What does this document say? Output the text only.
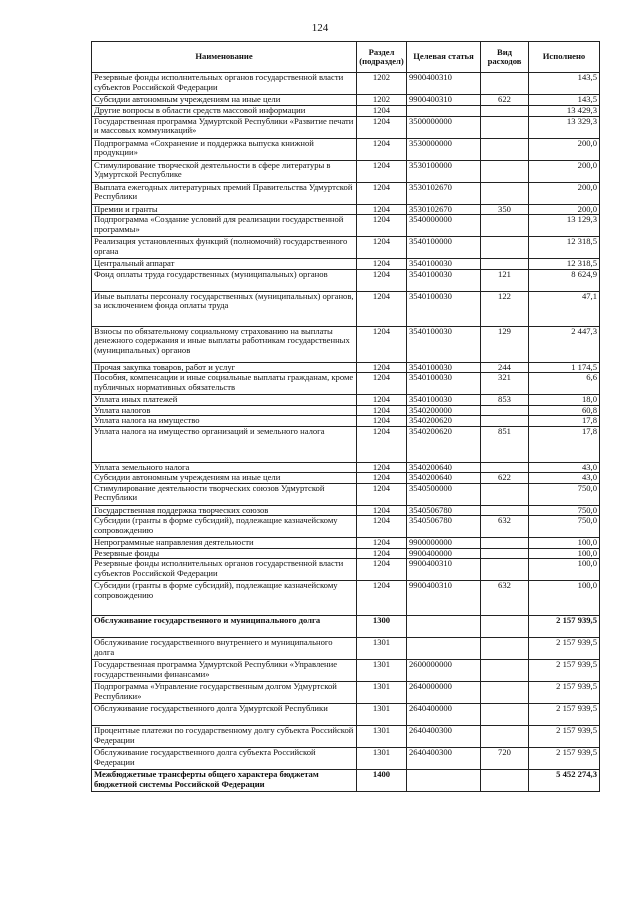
124
Наименование	Раздел (подраздел)	Целевая статья	Вид расходов	Исполнено
Резервные фонды исполнительных органов государственной власти субъектов Российской Федерации	1202	9900400310		143,5
Субсидии автономным учреждениям на иные цели	1202	9900400310	622	143,5
Другие вопросы в области средств массовой информации	1204			13 429,3
Государственная программа Удмуртской Республики «Развитие печати и массовых коммуникаций»	1204	3500000000		13 329,3
Подпрограмма «Сохранение и поддержка выпуска книжной продукции»	1204	3530000000		200,0
Стимулирование творческой деятельности в сфере литературы в Удмуртской Республике	1204	3530100000		200,0
Выплата ежегодных литературных премий Правительства Удмуртской Республики	1204	3530102670		200,0
Премии и гранты	1204	3530102670	350	200,0
Подпрограмма «Создание условий для реализации государственной программы»	1204	3540000000		13 129,3
Реализация установленных функций (полномочий) государственного органа	1204	3540100000		12 318,5
Центральный аппарат	1204	3540100030		12 318,5
Фонд оплаты труда государственных (муниципальных) органов	1204	3540100030	121	8 624,9
Иные выплаты персоналу государственных (муниципальных) органов, за исключением фонда оплаты труда	1204	3540100030	122	47,1
Взносы по обязательному социальному страхованию на выплаты денежного содержания и иные выплаты работникам государственных (муниципальных) органов	1204	3540100030	129	2 447,3
Прочая закупка товаров, работ и услуг	1204	3540100030	244	1 174,5
Пособия, компенсации и иные социальные выплаты гражданам, кроме публичных нормативных обязательств	1204	3540100030	321	6,6
Уплата иных платежей	1204	3540100030	853	18,0
Уплата налогов	1204	3540200000		60,8
Уплата налога на имущество	1204	3540200620		17,8
Уплата налога на имущество организаций и земельного налога	1204	3540200620	851	17,8
Уплата земельного налога	1204	3540200640		43,0
Субсидии автономным учреждениям на иные цели	1204	3540200640	622	43,0
Стимулирование деятельности творческих союзов Удмуртской Республики	1204	3540500000		750,0
Государственная поддержка творческих союзов	1204	3540506780		750,0
Субсидии (гранты в форме субсидий), подлежащие казначейскому сопровождению	1204	3540506780	632	750,0
Непрограммные направления деятельности	1204	9900000000		100,0
Резервные фонды	1204	9900400000		100,0
Резервные фонды исполнительных органов государственной власти субъектов Российской Федерации	1204	9900400310		100,0
Субсидии (гранты в форме субсидий), подлежащие казначейскому сопровождению	1204	9900400310	632	100,0
Обслуживание государственного и муниципального долга	1300			2 157 939,5
Обслуживание государственного внутреннего и муниципального долга	1301			2 157 939,5
Государственная программа Удмуртской Республики «Управление государственными финансами»	1301	2600000000		2 157 939,5
Подпрограмма «Управление государственным долгом Удмуртской Республики»	1301	2640000000		2 157 939,5
Обслуживание государственного долга Удмуртской Республики	1301	2640400000		2 157 939,5
Процентные платежи по государственному долгу субъекта Российской Федерации	1301	2640400300		2 157 939,5
Обслуживание государственного долга субъекта Российской Федерации	1301	2640400300	720	2 157 939,5
Межбюджетные трансферты общего характера бюджетам бюджетной системы Российской Федерации	1400			5 452 274,3
